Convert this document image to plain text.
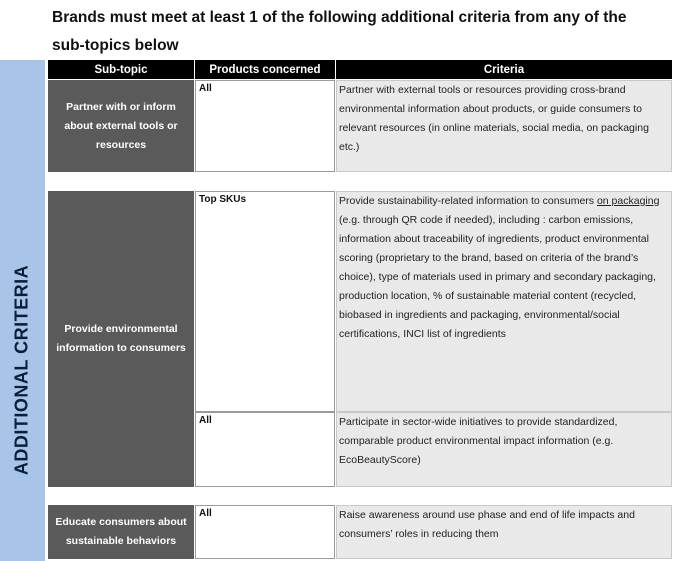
Brands must meet at least 1 of the following additional criteria from any of the sub-topics below
ADDITIONAL CRITERIA
Sub-topic	Products concerned	Criteria
Partner with or inform about external tools or resources
All	Partner with external tools or resources providing cross-brand environmental information about products, or guide consumers to relevant resources (in online materials, social media, on packaging etc.)
Provide environmental information to consumers
Top SKUs	Provide sustainability-related information to consumers on packaging (e.g. through QR code if needed), including : carbon emissions, information about traceability of ingredients, product environmental scoring (proprietary to the brand, based on criteria of the brand’s choice), type of materials used in primary and secondary packaging, production location, % of sustainable material content (recycled, biobased in ingredients and packaging, environmental/social certifications, INCI list of ingredients
All	Participate in sector-wide initiatives to provide standardized, comparable product environmental impact information (e.g. EcoBeautyScore)
Educate consumers about sustainable behaviors
All	Raise awareness around use phase and end of life impacts and consumers’ roles in reducing them
